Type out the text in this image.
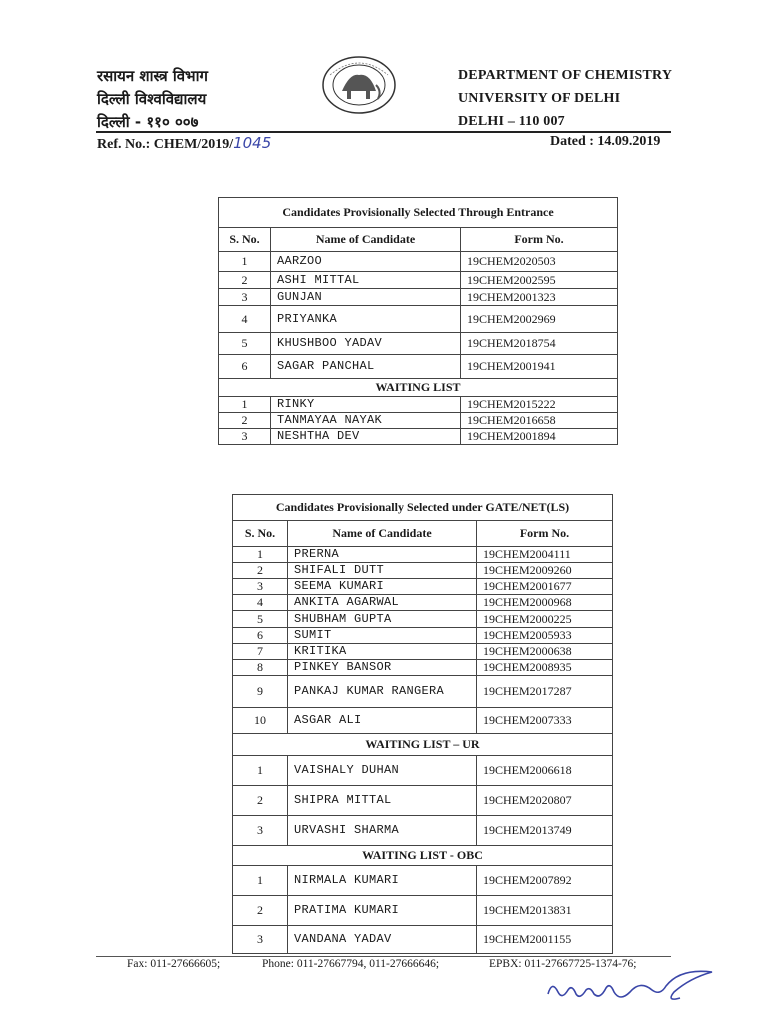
रसायन शास्त्र विभाग
दिल्ली विश्वविद्यालय
दिल्ली - ११० ००७
DEPARTMENT OF CHEMISTRY
UNIVERSITY OF DELHI
DELHI – 110 007
Ref. No.: CHEM/2019/1045	Dated : 14.09.2019
Candidates Provisionally Selected Through Entrance		
S. No.	Name of Candidate	Form No.
1	AARZOO	19CHEM2020503
2	ASHI MITTAL	19CHEM2002595
3	GUNJAN	19CHEM2001323
4	PRIYANKA	19CHEM2002969
5	KHUSHBOO YADAV	19CHEM2018754
6	SAGAR PANCHAL	19CHEM2001941
WAITING LIST		
1	RINKY	19CHEM2015222
2	TANMAYAA NAYAK	19CHEM2016658
3	NESHTHA DEV	19CHEM2001894
Candidates Provisionally Selected under GATE/NET(LS)		
S. No.	Name of Candidate	Form No.
1	PRERNA	19CHEM2004111
2	SHIFALI DUTT	19CHEM2009260
3	SEEMA KUMARI	19CHEM2001677
4	ANKITA AGARWAL	19CHEM2000968
5	SHUBHAM GUPTA	19CHEM2000225
6	SUMIT	19CHEM2005933
7	KRITIKA	19CHEM2000638
8	PINKEY BANSOR	19CHEM2008935
9	PANKAJ KUMAR RANGERA	19CHEM2017287
10	ASGAR ALI	19CHEM2007333
WAITING LIST – UR		
1	VAISHALY DUHAN	19CHEM2006618
2	SHIPRA MITTAL	19CHEM2020807
3	URVASHI SHARMA	19CHEM2013749
WAITING LIST - OBC		
1	NIRMALA KUMARI	19CHEM2007892
2	PRATIMA KUMARI	19CHEM2013831
3	VANDANA YADAV	19CHEM2001155
Fax: 011-27666605;	Phone: 011-27667794, 011-27666646;	EPBX: 011-27667725-1374-76;
